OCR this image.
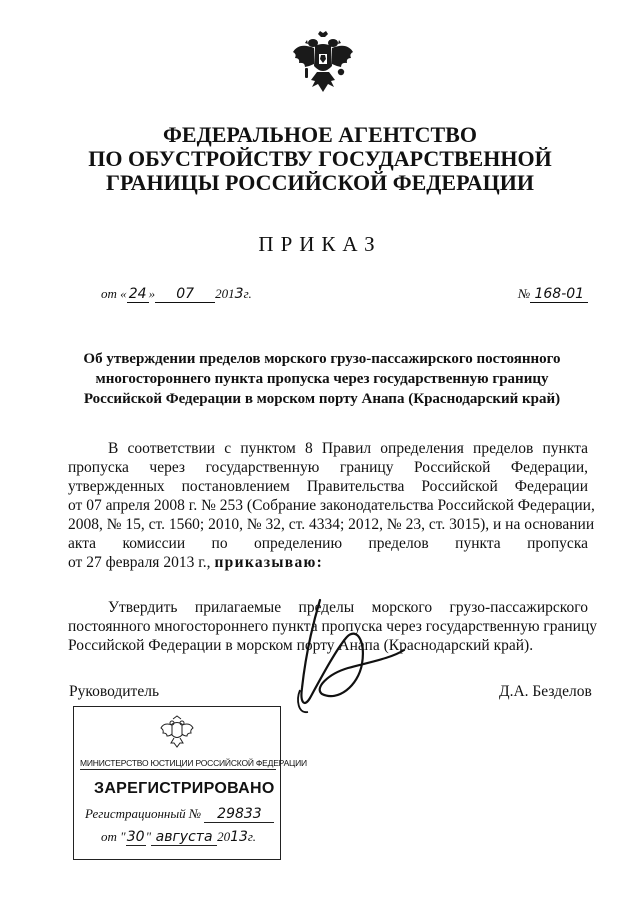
ФЕДЕРАЛЬНОЕ АГЕНТСТВО
ПО ОБУСТРОЙСТВУ ГОСУДАРСТВЕННОЙ
ГРАНИЦЫ РОССИЙСКОЙ ФЕДЕРАЦИИ
ПРИКАЗ
от « 24 » 07 2013г.	№ 168-01
Об утверждении пределов морского грузо-пассажирского постоянного
многостороннего пункта пропуска через государственную границу
Российской Федерации в морском порту Анапа (Краснодарский край)
В соответствии с пунктом 8 Правил определения пределов пункта
пропуска через государственную границу Российской Федерации,
утвержденных постановлением Правительства Российской Федерации
от 07 апреля 2008 г. № 253 (Собрание законодательства Российской Федерации,
2008, № 15, ст. 1560; 2010, № 32, ст. 4334; 2012, № 23, ст. 3015), и на основании
акта комиссии по определению пределов пункта пропуска
от 27 февраля 2013 г., приказываю:
Утвердить прилагаемые пределы морского грузо-пассажирского
постоянного многостороннего пункта пропуска через государственную границу
Российской Федерации в морском порту Анапа (Краснодарский край).
Руководитель	Д.А. Безделов
МИНИСТЕРСТВО ЮСТИЦИИ РОССИЙСКОЙ ФЕДЕРАЦИИ
ЗАРЕГИСТРИРОВАНО
Регистрационный № 29833
от "30" августа 2013г.
